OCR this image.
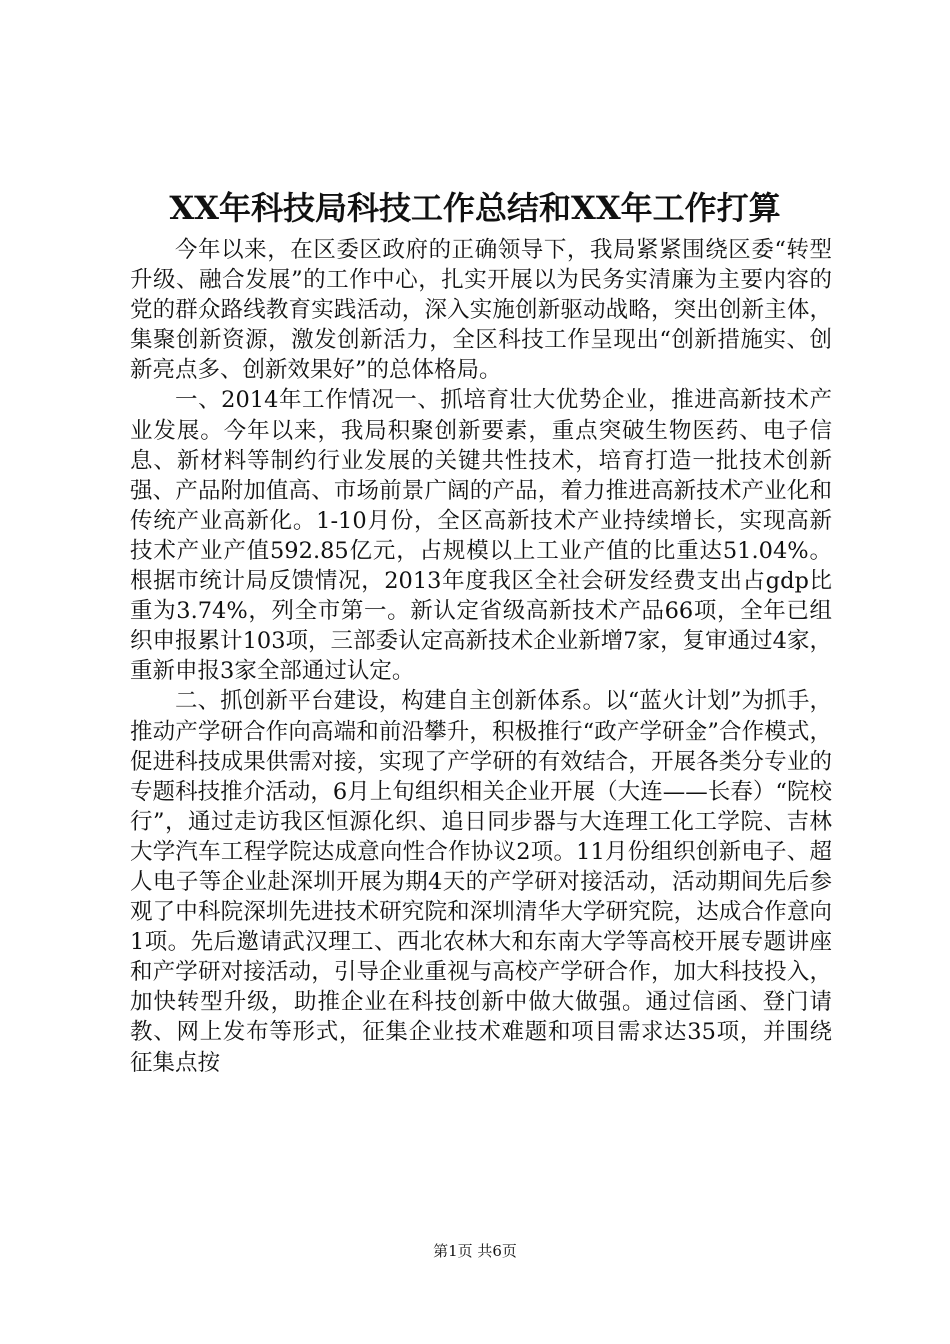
XX年科技局科技工作总结和XX年工作打算

今年以来，在区委区政府的正确领导下，我局紧紧围绕区委“转型升级、融合发展”的工作中心，扎实开展以为民务实清廉为主要内容的党的群众路线教育实践活动，深入实施创新驱动战略，突出创新主体，集聚创新资源，激发创新活力，全区科技工作呈现出“创新措施实、创新亮点多、创新效果好”的总体格局。

一、2014年工作情况一、抓培育壮大优势企业，推进高新技术产业发展。今年以来，我局积聚创新要素，重点突破生物医药、电子信息、新材料等制约行业发展的关键共性技术，培育打造一批技术创新强、产品附加值高、市场前景广阔的产品，着力推进高新技术产业化和传统产业高新化。1-10月份，全区高新技术产业持续增长，实现高新技术产业产值592.85亿元，占规模以上工业产值的比重达51.04%。根据市统计局反馈情况，2013年度我区全社会研发经费支出占gdp比重为3.74%，列全市第一。新认定省级高新技术产品66项，全年已组织申报累计103项，三部委认定高新技术企业新增7家，复审通过4家，重新申报3家全部通过认定。

二、抓创新平台建设，构建自主创新体系。以“蓝火计划”为抓手，推动产学研合作向高端和前沿攀升，积极推行“政产学研金”合作模式，促进科技成果供需对接，实现了产学研的有效结合，开展各类分专业的专题科技推介活动，6月上旬组织相关企业开展（大连——长春）“院校行”，通过走访我区恒源化织、追日同步器与大连理工化工学院、吉林大学汽车工程学院达成意向性合作协议2项。11月份组织创新电子、超人电子等企业赴深圳开展为期4天的产学研对接活动，活动期间先后参观了中科院深圳先进技术研究院和深圳清华大学研究院，达成合作意向1项。先后邀请武汉理工、西北农林大和东南大学等高校开展专题讲座和产学研对接活动，引导企业重视与高校产学研合作，加大科技投入，加快转型升级，助推企业在科技创新中做大做强。通过信函、登门请教、网上发布等形式，征集企业技术难题和项目需求达35项，并围绕征集点按

第1页 共6页
